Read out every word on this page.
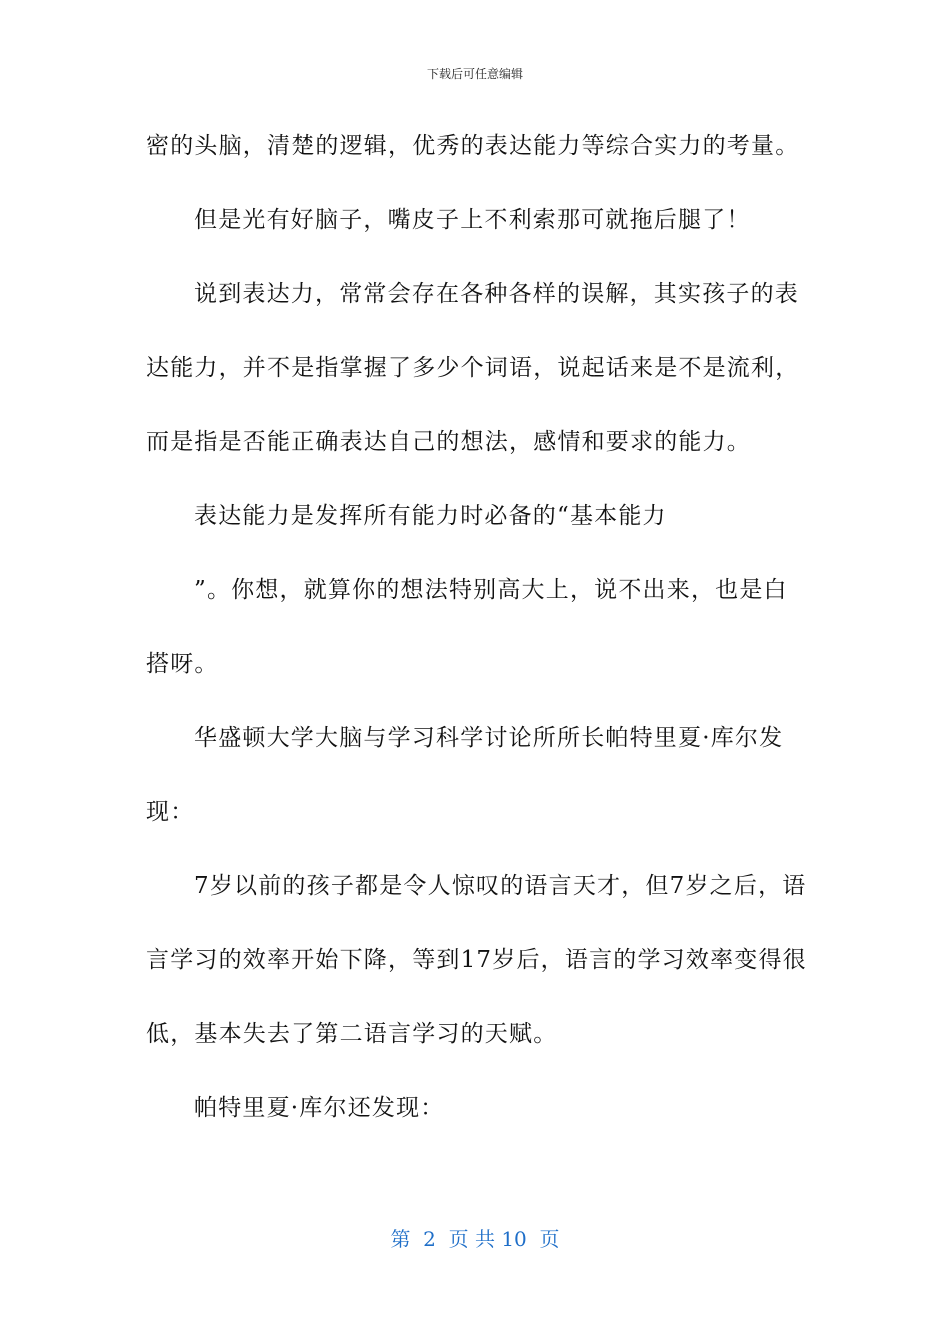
下载后可任意编辑
密的头脑，清楚的逻辑，优秀的表达能力等综合实力的考量。
但是光有好脑子，嘴皮子上不利索那可就拖后腿了！
说到表达力，常常会存在各种各样的误解，其实孩子的表
达能力，并不是指掌握了多少个词语，说起话来是不是流利，
而是指是否能正确表达自己的想法，感情和要求的能力。
表达能力是发挥所有能力时必备的“基本能力
”。你想，就算你的想法特别高大上，说不出来，也是白
搭呀。
华盛顿大学大脑与学习科学讨论所所长帕特里夏·库尔发
现：
7岁以前的孩子都是令人惊叹的语言天才，但7岁之后，语
言学习的效率开始下降，等到17岁后，语言的学习效率变得很
低，基本失去了第二语言学习的天赋。
帕特里夏·库尔还发现：
第  2  页 共 10  页
